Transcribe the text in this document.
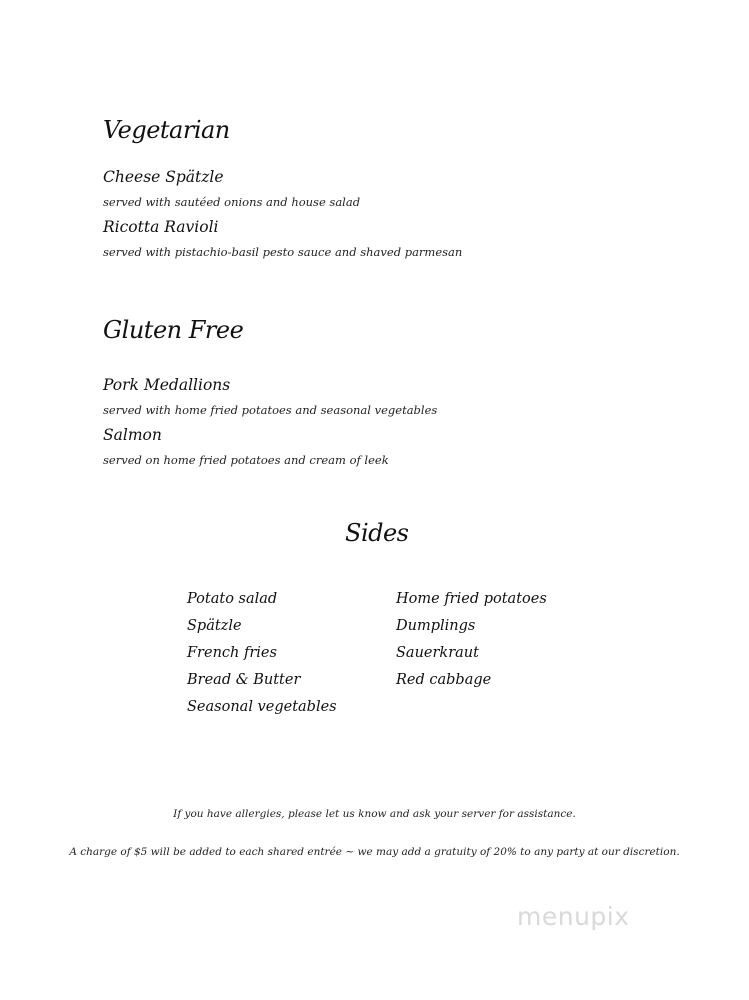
Vegetarian
Cheese Spätzle
served with sautéed onions and house salad
Ricotta Ravioli
served with pistachio-basil pesto sauce and shaved parmesan
Gluten Free
Pork Medallions
served with home fried potatoes and seasonal vegetables
Salmon
served on home fried potatoes and cream of leek
Sides
Potato salad
Spätzle
French fries
Bread & Butter
Seasonal vegetables
Home fried potatoes
Dumplings
Sauerkraut
Red cabbage
If you have allergies, please let us know and ask your server for assistance.
A charge of $5 will be added to each shared entrée ~ we may add a gratuity of 20% to any party at our discretion.
menupix
